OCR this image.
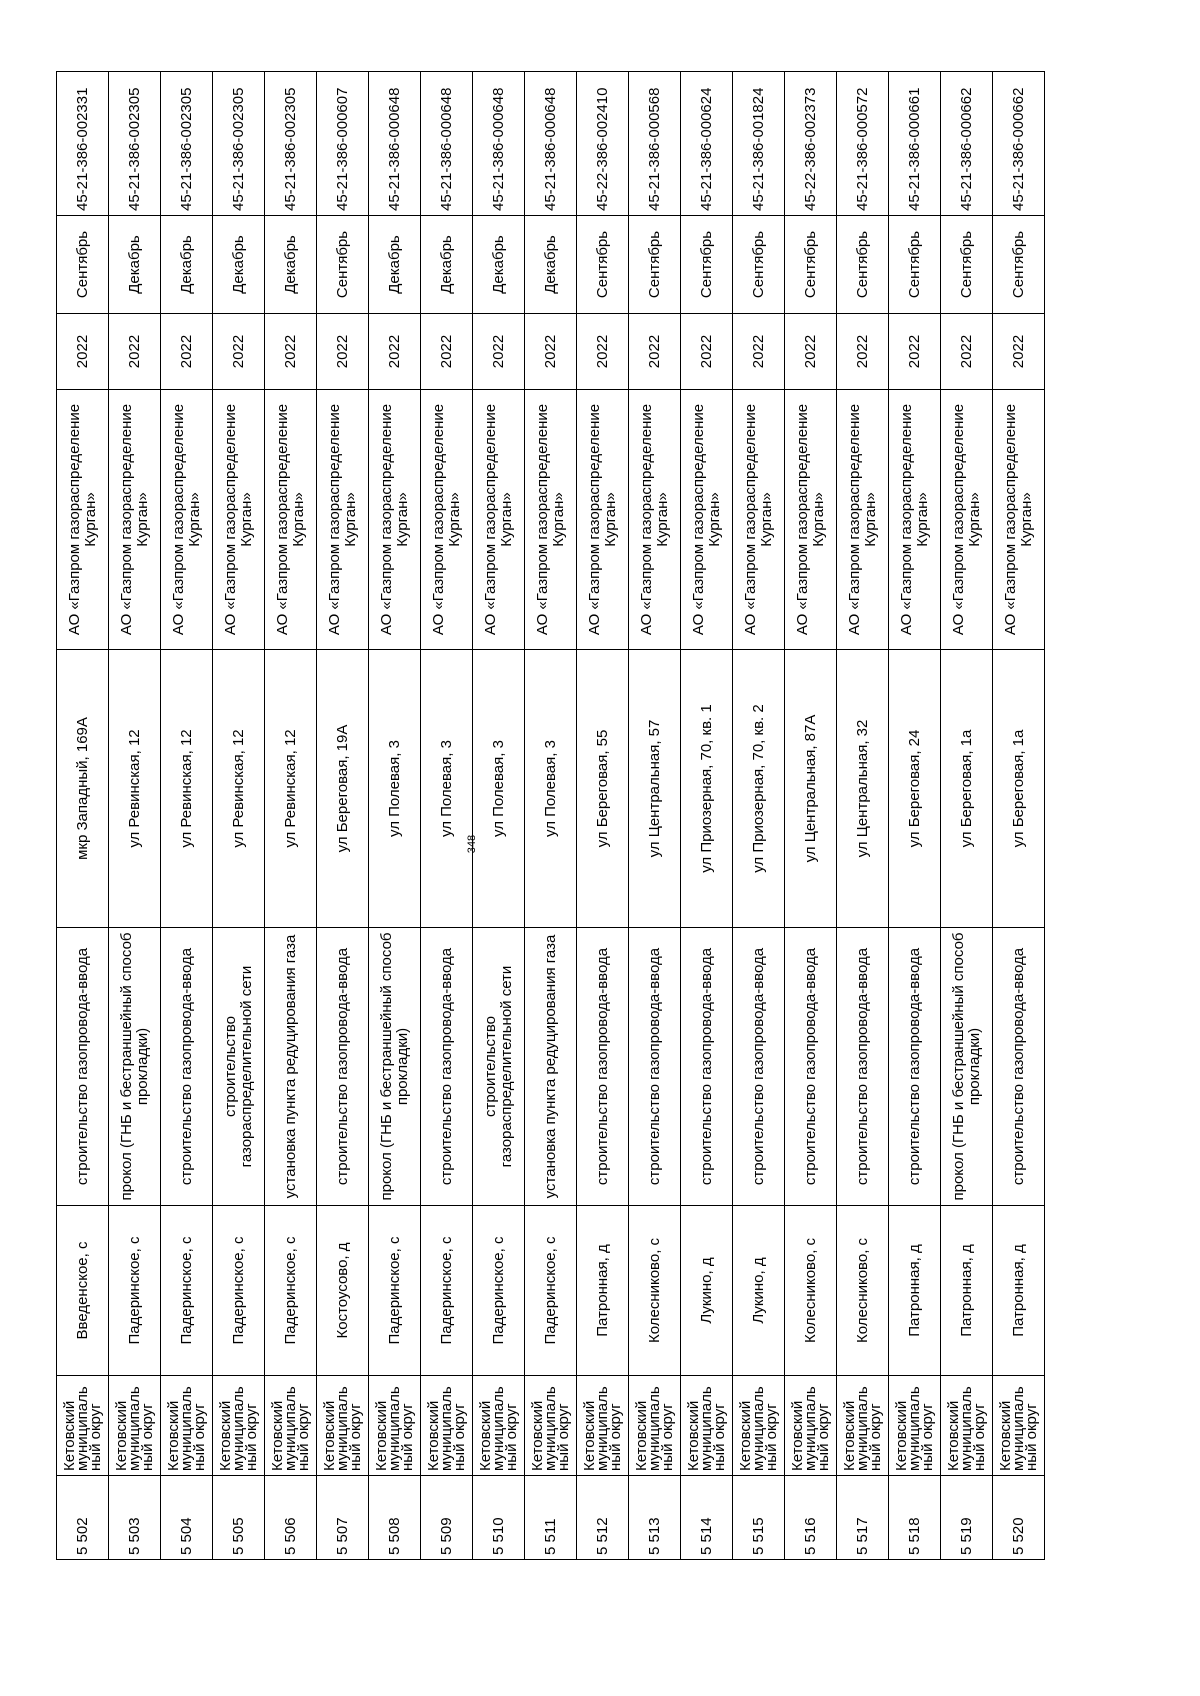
348
5 502	Кетовский муниципальный округ	Введенское, с	строительство газопровода-ввода	мкр Западный, 169А	АО «Газпром газораспределение Курган»	2022	Сентябрь	45-21-386-002331
5 503	Кетовский муниципальный округ	Падеринское, с	прокол (ГНБ и бестраншейный способ прокладки)	ул Ревинская, 12	АО «Газпром газораспределение Курган»	2022	Декабрь	45-21-386-002305
5 504	Кетовский муниципальный округ	Падеринское, с	строительство газопровода-ввода	ул Ревинская, 12	АО «Газпром газораспределение Курган»	2022	Декабрь	45-21-386-002305
5 505	Кетовский муниципальный округ	Падеринское, с	строительство газораспределительной сети	ул Ревинская, 12	АО «Газпром газораспределение Курган»	2022	Декабрь	45-21-386-002305
5 506	Кетовский муниципальный округ	Падеринское, с	установка пункта редуцирования газа	ул Ревинская, 12	АО «Газпром газораспределение Курган»	2022	Декабрь	45-21-386-002305
5 507	Кетовский муниципальный округ	Костоусово, д	строительство газопровода-ввода	ул Береговая, 19А	АО «Газпром газораспределение Курган»	2022	Сентябрь	45-21-386-000607
5 508	Кетовский муниципальный округ	Падеринское, с	прокол (ГНБ и бестраншейный способ прокладки)	ул Полевая, 3	АО «Газпром газораспределение Курган»	2022	Декабрь	45-21-386-000648
5 509	Кетовский муниципальный округ	Падеринское, с	строительство газопровода-ввода	ул Полевая, 3	АО «Газпром газораспределение Курган»	2022	Декабрь	45-21-386-000648
5 510	Кетовский муниципальный округ	Падеринское, с	строительство газораспределительной сети	ул Полевая, 3	АО «Газпром газораспределение Курган»	2022	Декабрь	45-21-386-000648
5 511	Кетовский муниципальный округ	Падеринское, с	установка пункта редуцирования газа	ул Полевая, 3	АО «Газпром газораспределение Курган»	2022	Декабрь	45-21-386-000648
5 512	Кетовский муниципальный округ	Патронная, д	строительство газопровода-ввода	ул Береговая, 55	АО «Газпром газораспределение Курган»	2022	Сентябрь	45-22-386-002410
5 513	Кетовский муниципальный округ	Колесниково, с	строительство газопровода-ввода	ул Центральная, 57	АО «Газпром газораспределение Курган»	2022	Сентябрь	45-21-386-000568
5 514	Кетовский муниципальный округ	Лукино, д	строительство газопровода-ввода	ул Приозерная, 70, кв. 1	АО «Газпром газораспределение Курган»	2022	Сентябрь	45-21-386-000624
5 515	Кетовский муниципальный округ	Лукино, д	строительство газопровода-ввода	ул Приозерная, 70, кв. 2	АО «Газпром газораспределение Курган»	2022	Сентябрь	45-21-386-001824
5 516	Кетовский муниципальный округ	Колесниково, с	строительство газопровода-ввода	ул Центральная, 87А	АО «Газпром газораспределение Курган»	2022	Сентябрь	45-22-386-002373
5 517	Кетовский муниципальный округ	Колесниково, с	строительство газопровода-ввода	ул Центральная, 32	АО «Газпром газораспределение Курган»	2022	Сентябрь	45-21-386-000572
5 518	Кетовский муниципальный округ	Патронная, д	строительство газопровода-ввода	ул Береговая, 24	АО «Газпром газораспределение Курган»	2022	Сентябрь	45-21-386-000661
5 519	Кетовский муниципальный округ	Патронная, д	прокол (ГНБ и бестраншейный способ прокладки)	ул Береговая, 1а	АО «Газпром газораспределение Курган»	2022	Сентябрь	45-21-386-000662
5 520	Кетовский муниципальный округ	Патронная, д	строительство газопровода-ввода	ул Береговая, 1а	АО «Газпром газораспределение Курган»	2022	Сентябрь	45-21-386-000662
